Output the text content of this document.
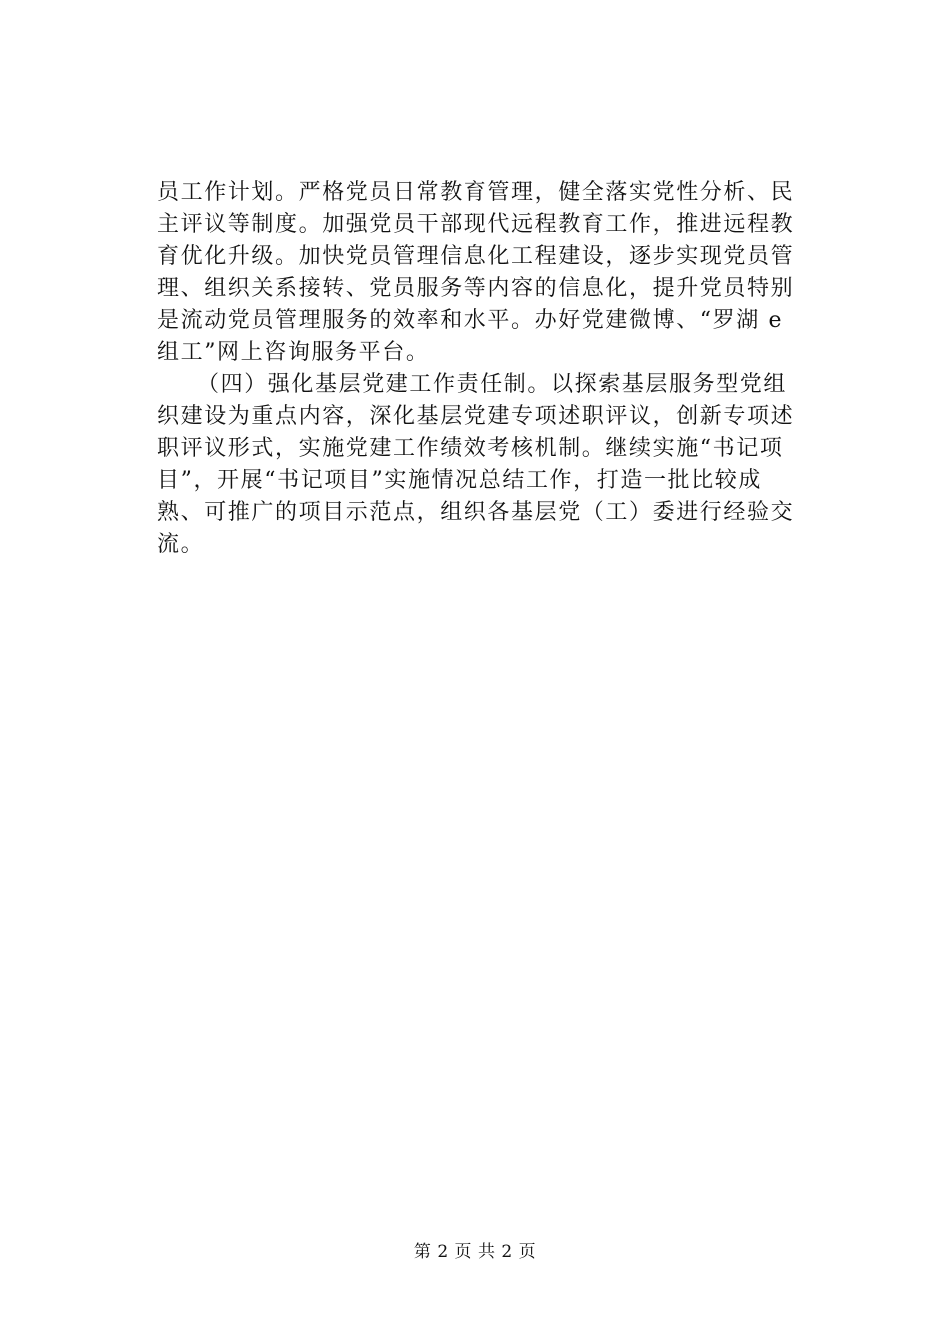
员工作计划。严格党员日常教育管理，健全落实党性分析、民
主评议等制度。加强党员干部现代远程教育工作，推进远程教
育优化升级。加快党员管理信息化工程建设，逐步实现党员管
理、组织关系接转、党员服务等内容的信息化，提升党员特别
是流动党员管理服务的效率和水平。办好党建微博、“罗湖 e
组工”网上咨询服务平台。
（四）强化基层党建工作责任制。以探索基层服务型党组
织建设为重点内容，深化基层党建专项述职评议，创新专项述
职评议形式，实施党建工作绩效考核机制。继续实施“书记项
目”，开展“书记项目”实施情况总结工作，打造一批比较成
熟、可推广的项目示范点，组织各基层党（工）委进行经验交
流。
第 2 页 共 2 页
